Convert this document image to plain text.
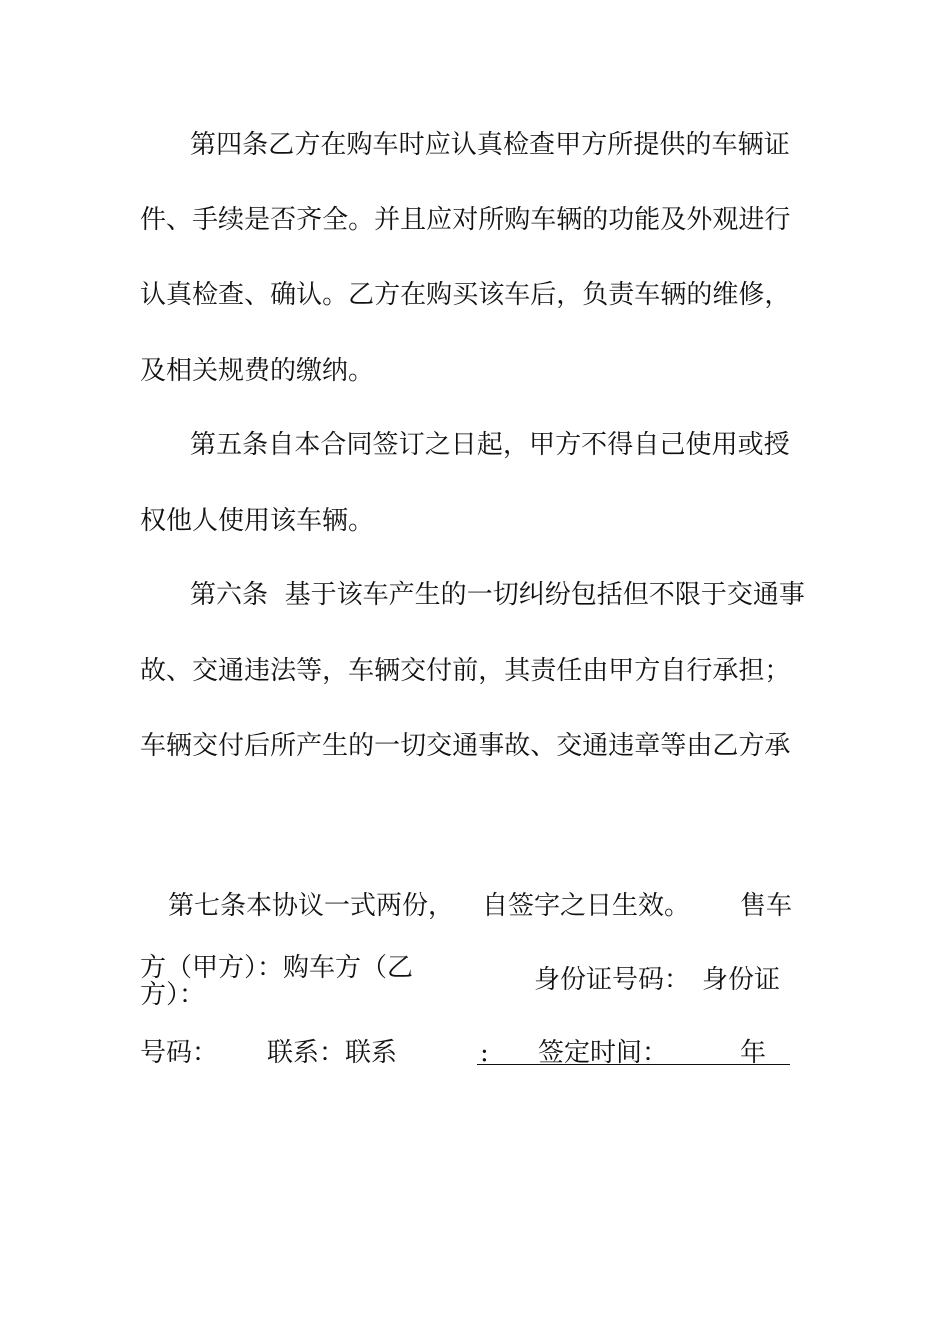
第 四 条 乙 方 在 购 车 时 应 认 真 检 查 甲 方 所 提 供 的 车 辆 证
件 、 手 续 是 否 齐 全 。 并 且 应 对 所 购 车 辆 的 功 能 及 外 观 进 行
认 真 检 查 、 确 认 。 乙 方 在 购 买 该 车 后 ， 负 责 车 辆 的 维 修 ，
及相关规费的缴纳。
第 五 条 自 本 合 同 签 订 之 日 起 ， 甲 方 不 得 自 己 使 用 或 授
权他人使用该车辆。
第 六 条

基 于 该 车 产 生 的 一 切 纠 纷 包 括 但 不 限 于 交 通 事
故 、 交 通 违 法 等 ， 车 辆 交 付 前 ， 其 责 任 由 甲 方 自 行 承 担 ；
车 辆 交 付 后 所 产 生 的 一 切 交 通 事 故 、 交 通 违 章 等 由 乙 方 承
第七条本协议一式两份， 自签字之日生效。 售车
方（甲方）：购车方（乙
方）：	身份证号码： 身份证
号码： 联系：联系	: 签定时间：	年
